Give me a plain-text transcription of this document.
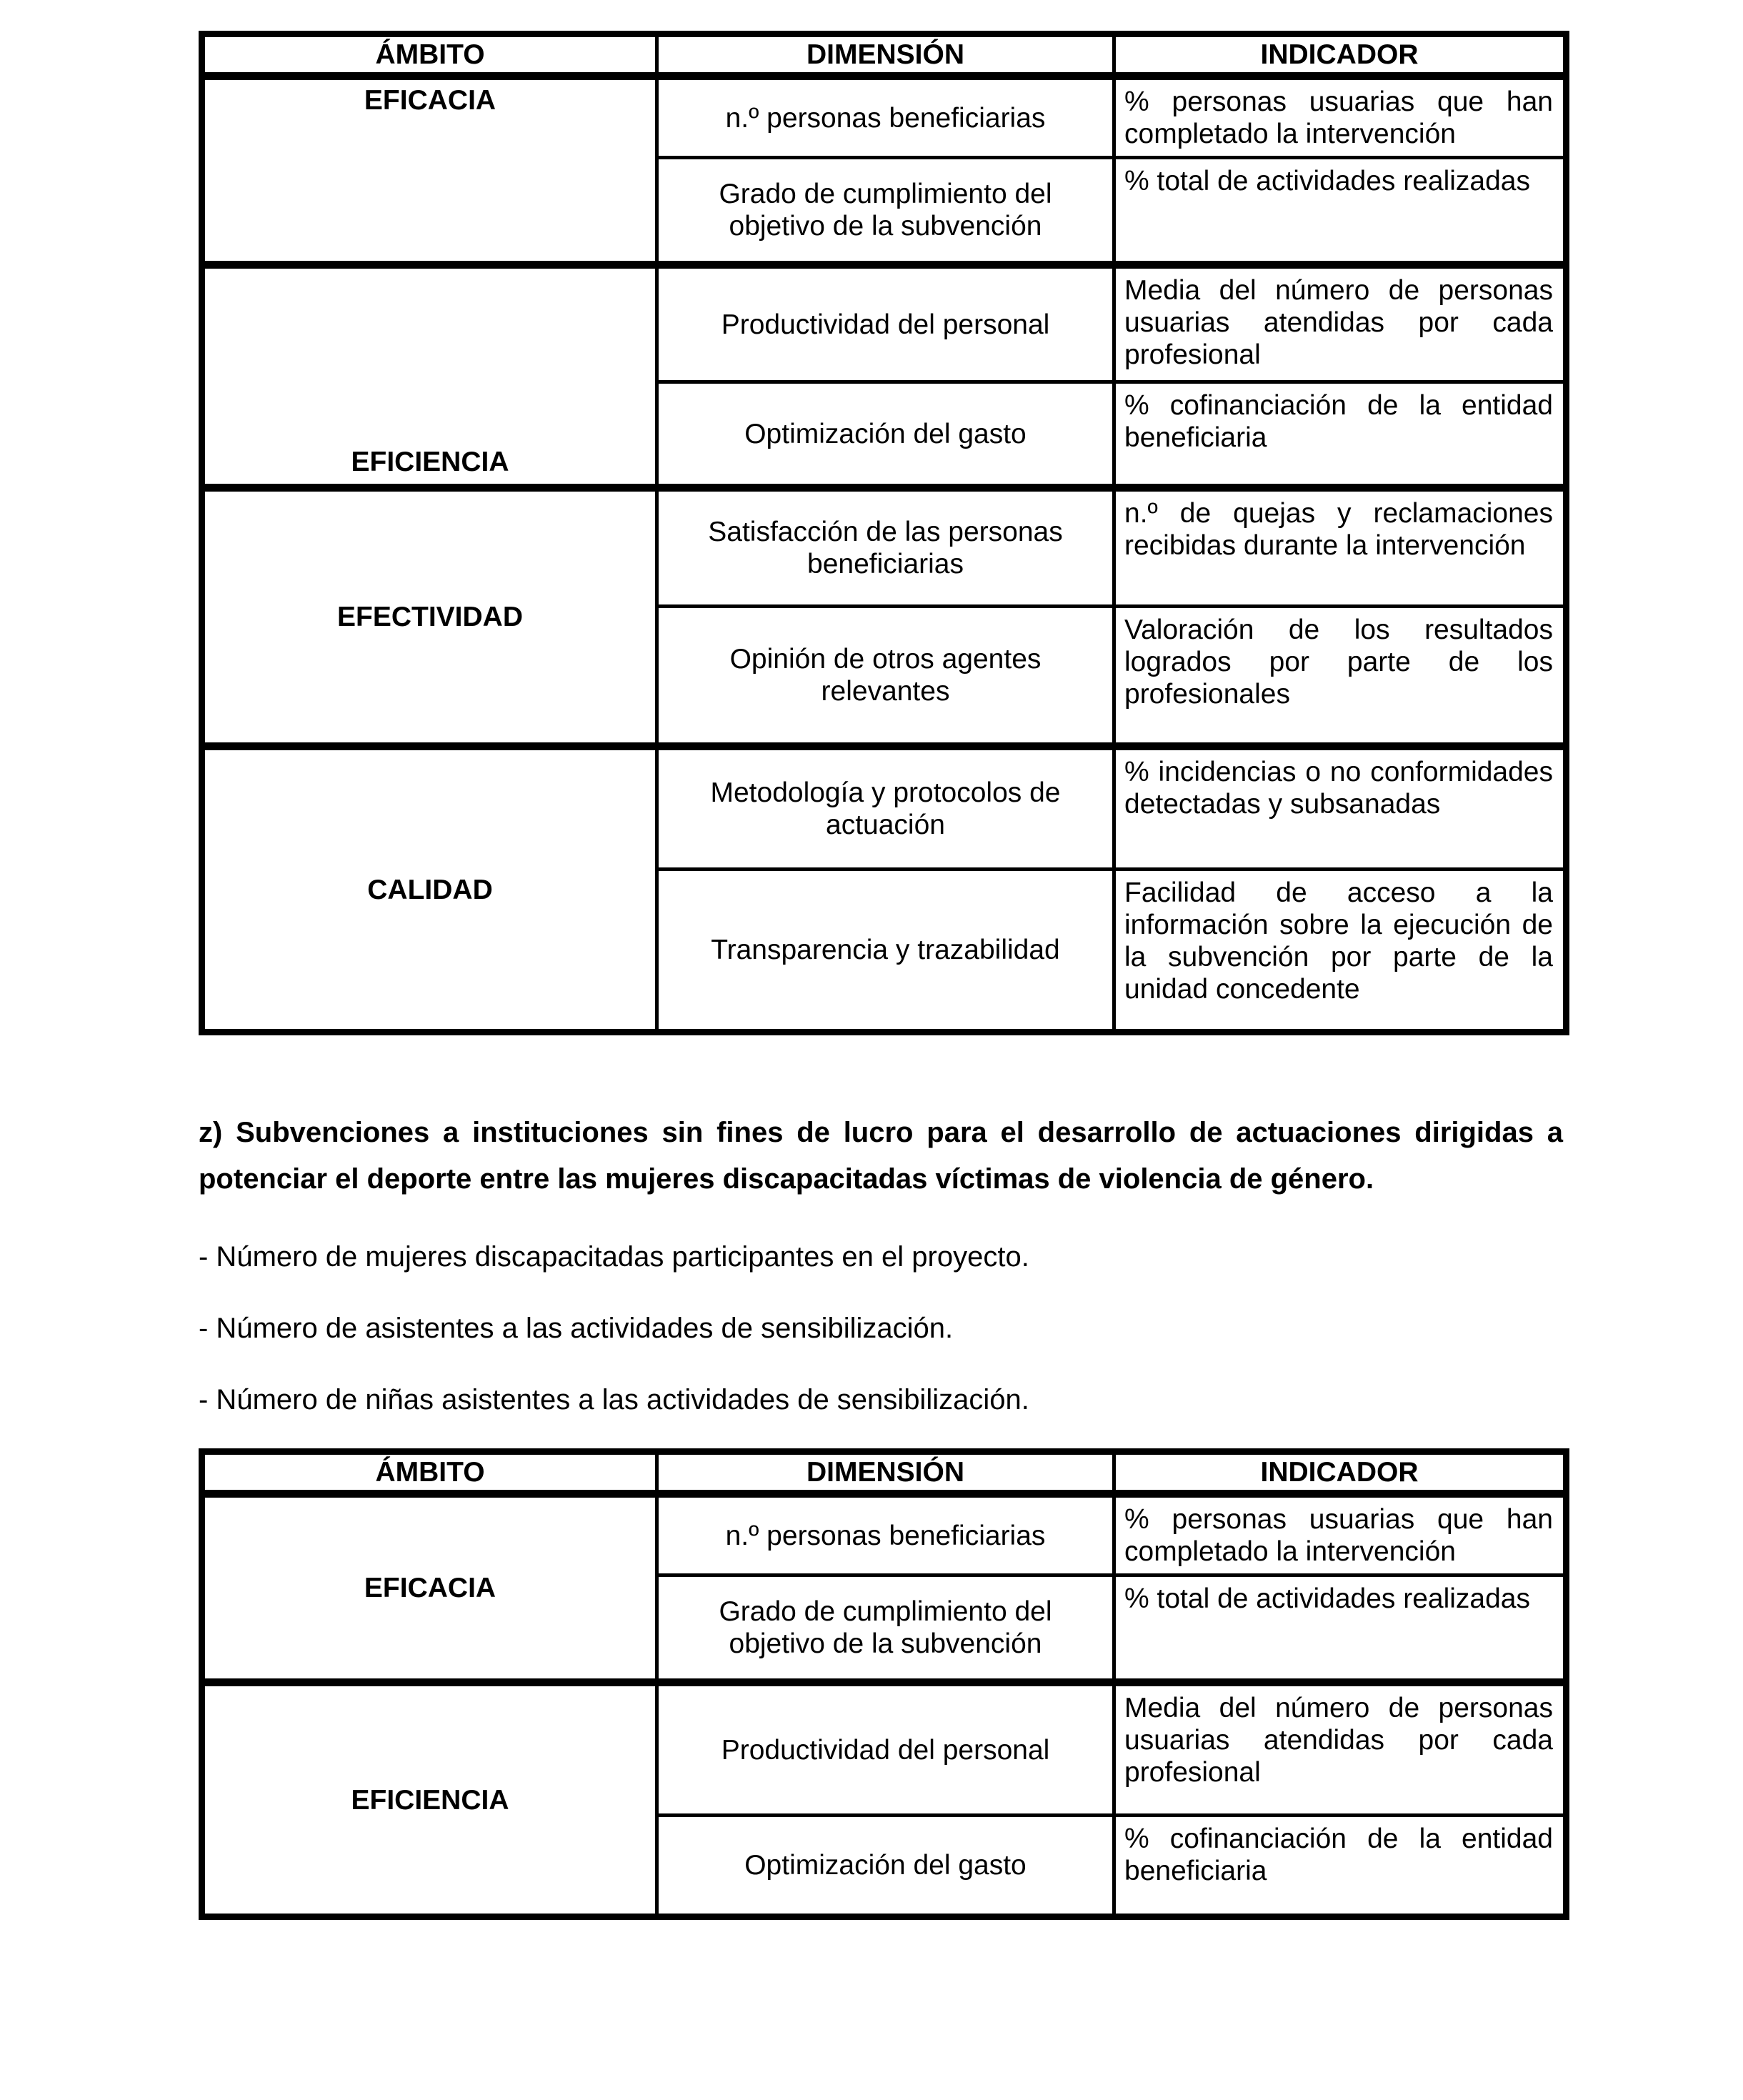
ÁMBITO	DIMENSIÓN	INDICADOR
EFICACIA	n.º personas beneficiarias	% personas usuarias que han completado la intervención
	Grado de cumplimiento del objetivo de la subvención	% total de actividades realizadas
EFICIENCIA	Productividad del personal	Media del número de personas usuarias atendidas por cada profesional
	Optimización del gasto	% cofinanciación de la entidad beneficiaria
EFECTIVIDAD	Satisfacción de las personas beneficiarias	n.º de quejas y reclamaciones recibidas durante la intervención
	Opinión de otros agentes relevantes	Valoración de los resultados logrados por parte de los profesionales
CALIDAD	Metodología y protocolos de actuación	% incidencias o no conformidades detectadas y subsanadas
	Transparencia y trazabilidad	Facilidad de acceso a la información sobre la ejecución de la subvención por parte de la unidad concedente

z) Subvenciones a instituciones sin fines de lucro para el desarrollo de actuaciones dirigidas a potenciar el deporte entre las mujeres discapacitadas víctimas de violencia de género.

- Número de mujeres discapacitadas participantes en el proyecto.

- Número de asistentes a las actividades de sensibilización.

- Número de niñas asistentes a las actividades de sensibilización.

ÁMBITO	DIMENSIÓN	INDICADOR
EFICACIA	n.º personas beneficiarias	% personas usuarias que han completado la intervención
	Grado de cumplimiento del objetivo de la subvención	% total de actividades realizadas
EFICIENCIA	Productividad del personal	Media del número de personas usuarias atendidas por cada profesional
	Optimización del gasto	% cofinanciación de la entidad beneficiaria
